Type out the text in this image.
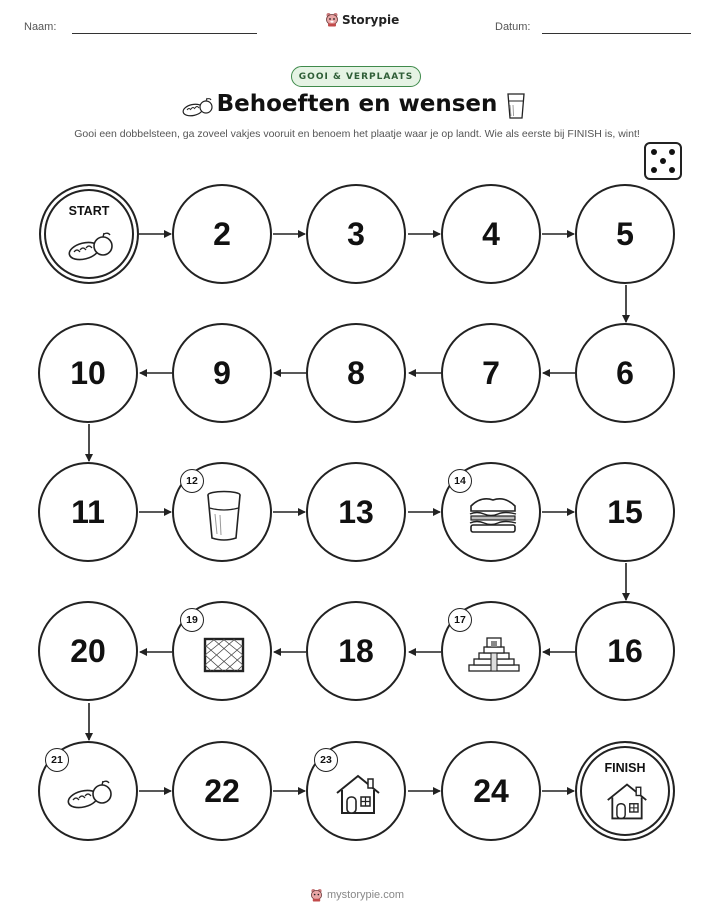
Naam:
Storypie
Datum:
GOOI & VERPLAATS
Behoeften en wensen
Gooi een dobbelsteen, ga zoveel vakjes vooruit en benoem het plaatje waar je op landt. Wie als eerste bij FINISH is, wint!
START
2	3	4	5
10	9	8	7	6
11
12
13
14
15
20
19
18
17
16
21
22
23
24
FINISH
mystorypie.com
